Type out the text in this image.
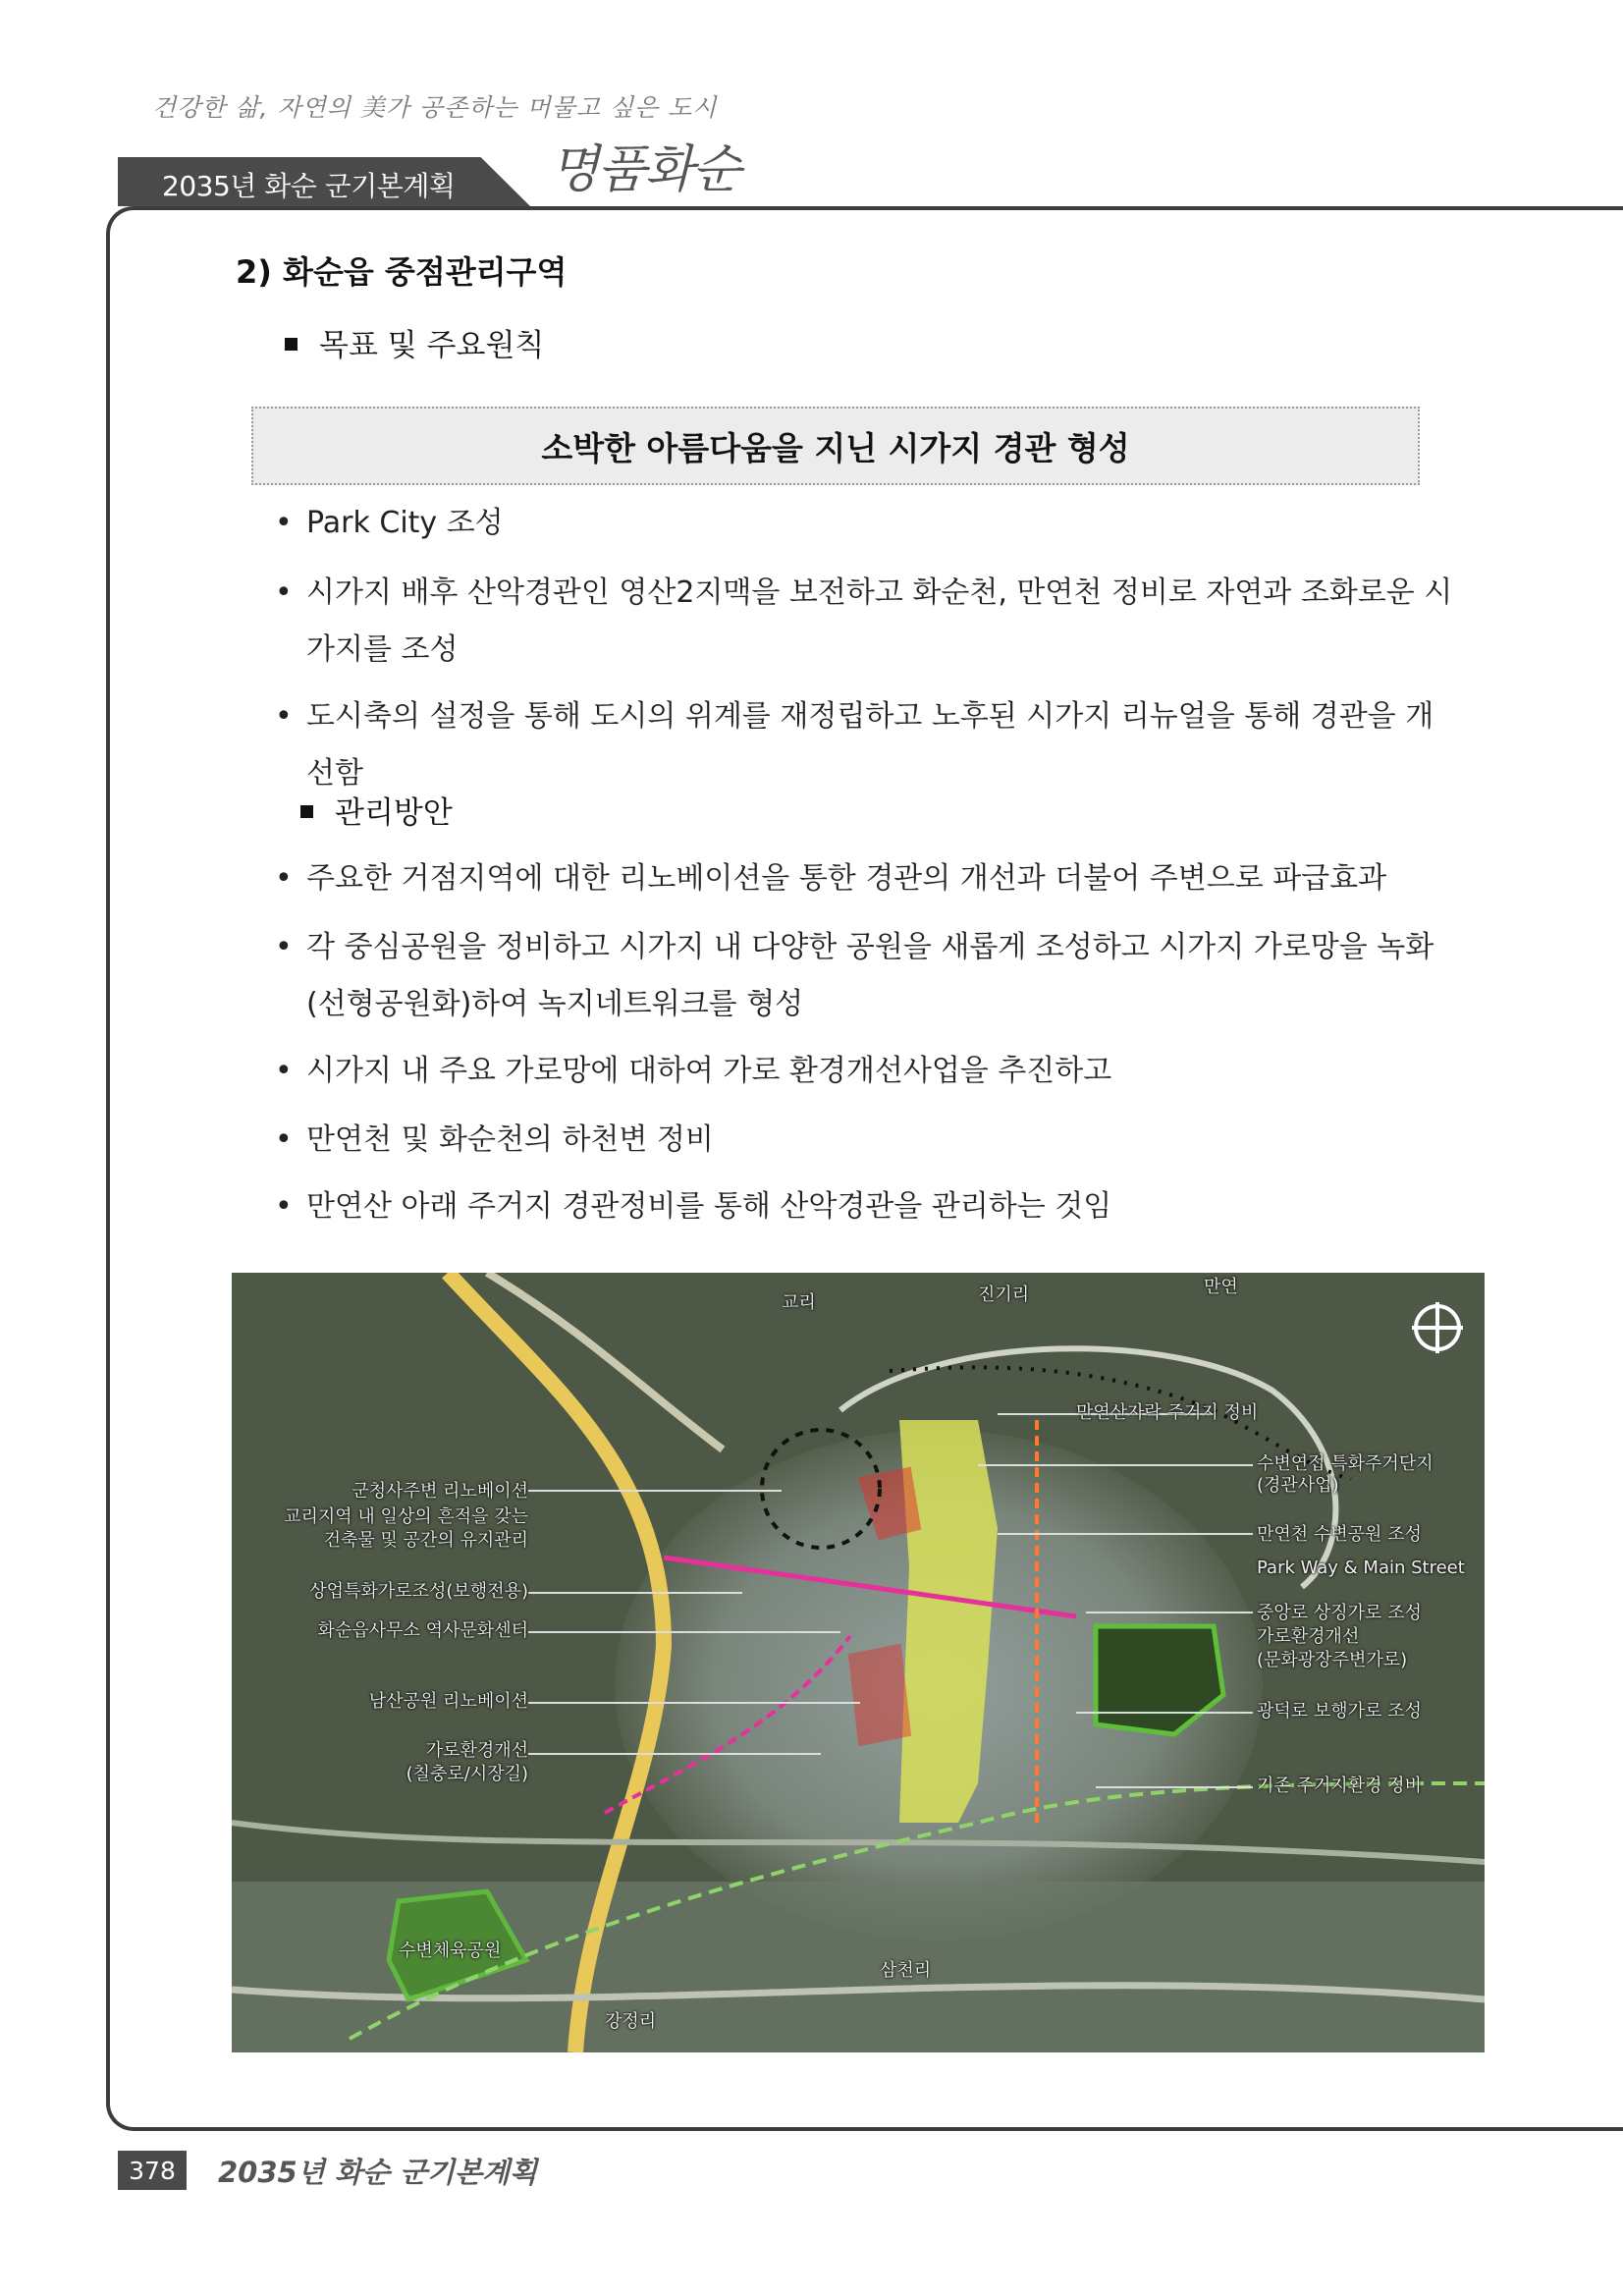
건강한 삶, 자연의 美가 공존하는 머물고 싶은 도시
2035년 화순 군기본계획 명품화순
2) 화순읍 중점관리구역
목표 및 주요원칙
소박한 아름다움을 지닌 시가지 경관 형성
• Park City 조성
• 시가지 배후 산악경관인 영산2지맥을 보전하고 화순천, 만연천 정비로 자연과 조화로운 시가지를 조성
• 도시축의 설정을 통해 도시의 위계를 재정립하고 노후된 시가지 리뉴얼을 통해 경관을 개선함
관리방안
• 주요한 거점지역에 대한 리노베이션을 통한 경관의 개선과 더불어 주변으로 파급효과
• 각 중심공원을 정비하고 시가지 내 다양한 공원을 새롭게 조성하고 시가지 가로망을 녹화 (선형공원화)하여 녹지네트워크를 형성
• 시가지 내 주요 가로망에 대하여 가로 환경개선사업을 추진하고
• 만연천 및 화순천의 하천변 정비
• 만연산 아래 주거지 경관정비를 통해 산악경관을 관리하는 것임
교리	진기리
삼천리
강정리
만연
군청사주변 리노베이션
교리지역 내 일상의 흔적을 갖는
건축물 및 공간의 유지관리
상업특화가로조성(보행전용)
화순읍사무소 역사문화센터
남산공원 리노베이션
가로환경개선
(칠충로/시장길)
수변체육공원
만연산자락 주거지 정비
수변연접 특화주거단지
(경관사업)
만연천 수변공원 조성
Park Way & Main Street
중앙로 상징가로 조성
가로환경개선
(문화광장주변가로)
광덕로 보행가로 조성
기존 주거지환경 정비
378	2035년 화순 군기본계획
